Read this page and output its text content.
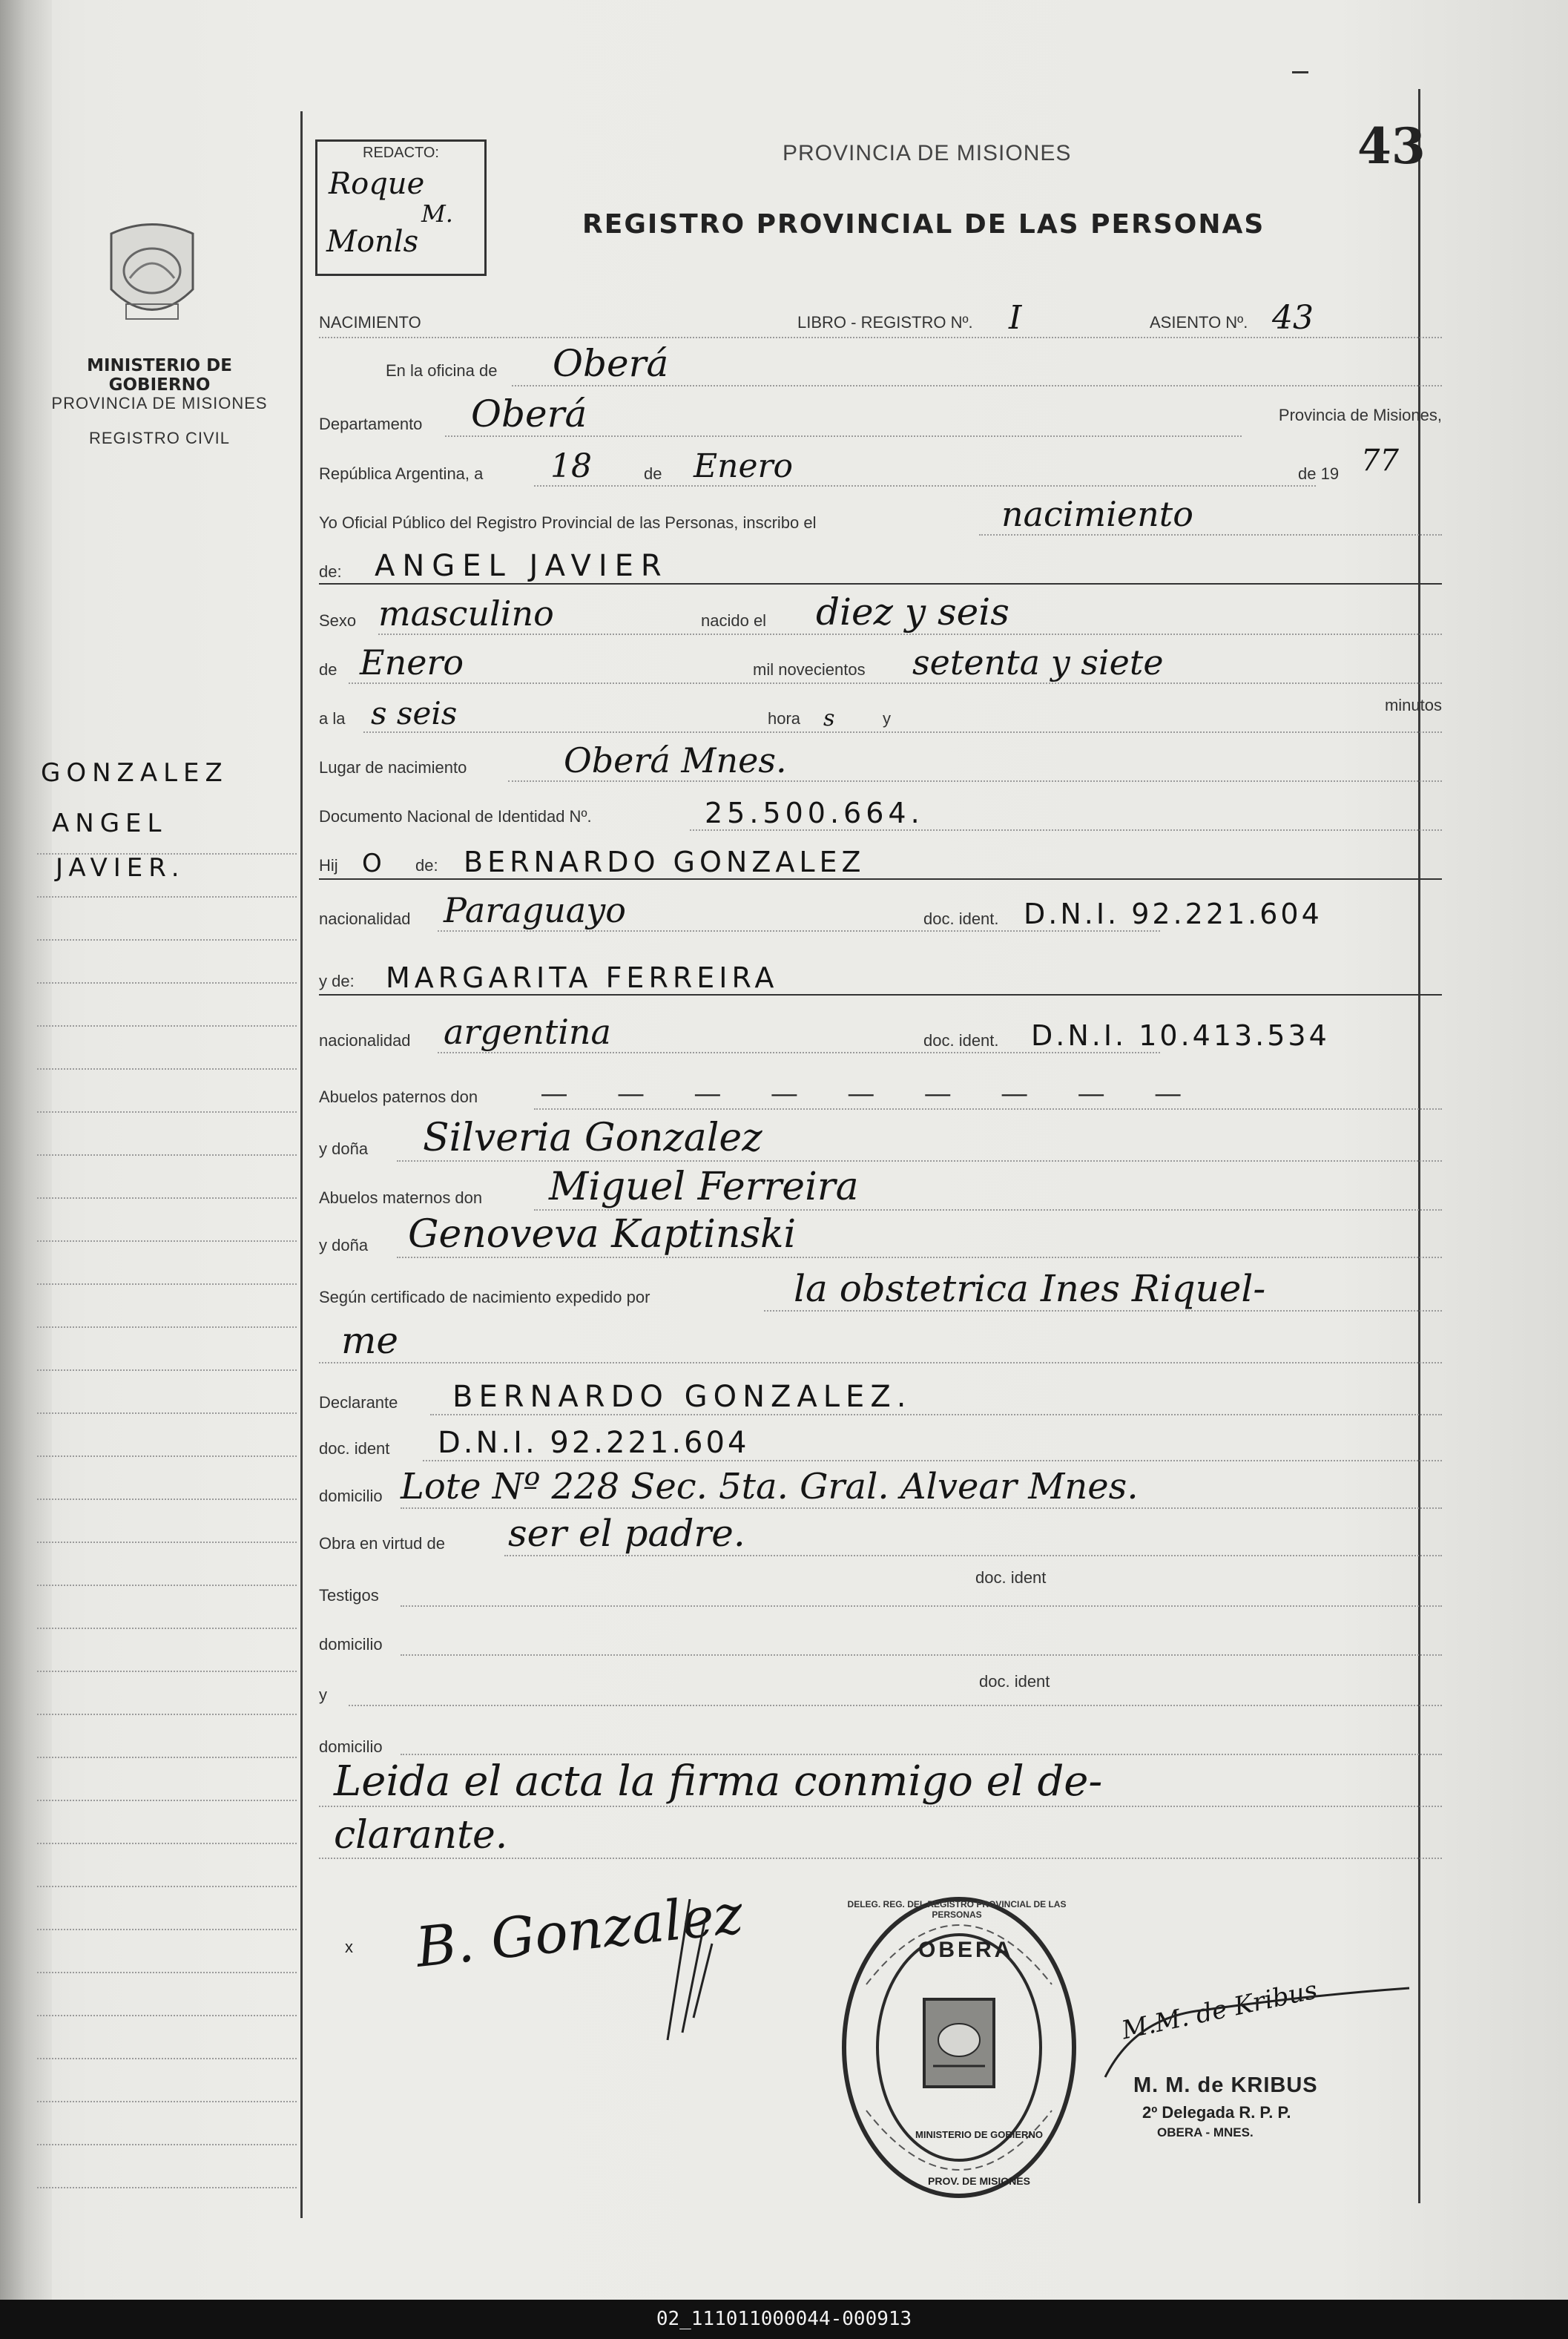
MINISTERIO DE GOBIERNO
PROVINCIA DE MISIONES
REGISTRO CIVIL
GONZALEZ
ANGEL
JAVIER.
REDACTO:
Roque
M.
Monls
PROVINCIA DE MISIONES
REGISTRO PROVINCIAL DE LAS PERSONAS
43
NACIMIENTO	LIBRO - REGISTRO Nº. I	ASIENTO Nº. 43
En la oficina de Oberá
Departamento Oberá	Provincia de Misiones,
República Argentina, a 18	de Enero	de 19 77
Yo Oficial Público del Registro Provincial de las Personas, inscribo el	nacimiento
de: ANGEL JAVIER
Sexo masculino	nacido el diez y seis
de Enero	mil novecientos setenta y siete
a la s seis	hora s	y
minutos
Lugar de nacimiento	Oberá Mnes.
Documento Nacional de Identidad Nº.	25.500.664.
Hij O de: BERNARDO GONZALEZ
nacionalidad Paraguayo	doc. ident. D.N.I. 92.221.604
y de: MARGARITA FERREIRA
nacionalidad argentina	doc. ident. D.N.I. 10.413.534
Abuelos paternos don	— — — — — — — — —
y doña Silveria Gonzalez
Abuelos maternos don Miguel Ferreira
y doña Genoveva Kaptinski
Según certificado de nacimiento expedido por	la obstetrica Ines Riquel-
me
Declarante BERNARDO GONZALEZ.
doc. ident D.N.I. 92.221.604
domicilio Lote Nº 228 Sec. 5ta. Gral. Alvear Mnes.
Obra en virtud de ser el padre.
Testigos
doc. ident
domicilio
y
doc. ident
domicilio
Leida el acta la firma conmigo el de-
clarante.
B. Gonzalez
x	OBERA
MINISTERIO DE GOBIERNO
PROV. DE MISIONES
DELEG. REG. DEL REGISTRO PROVINCIAL DE LAS PERSONAS
M.M. de Kribus
M. M. de KRIBUS
2º Delegada R. P. P.
OBERA - MNES.
02_111011000044-000913
